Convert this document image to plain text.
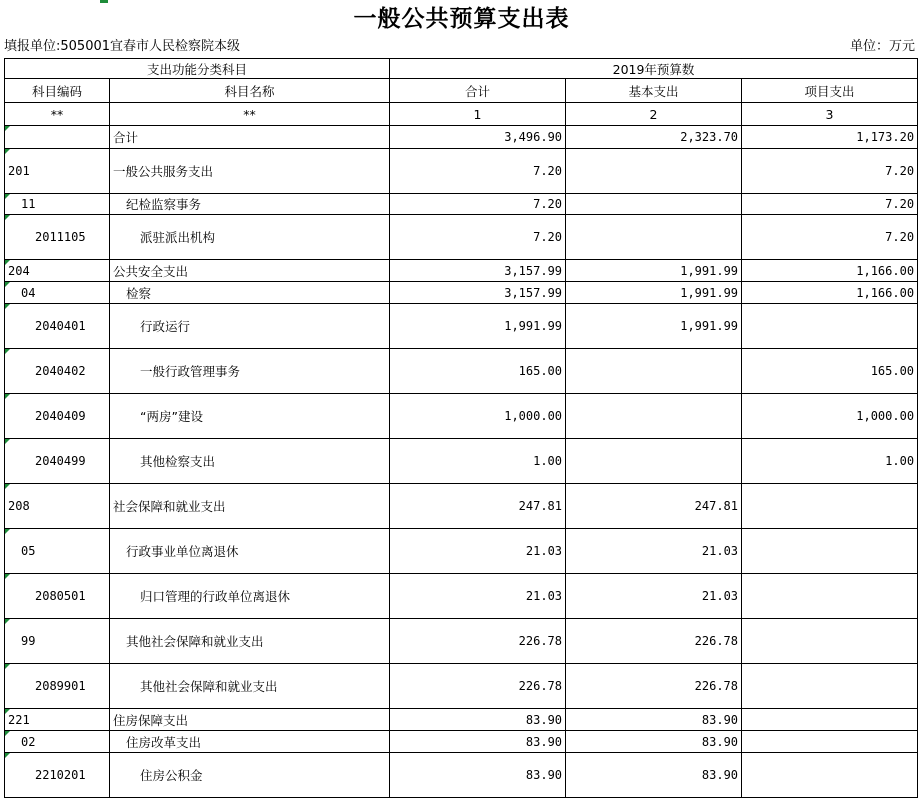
一般公共预算支出表
填报单位:505001宜春市人民检察院本级	单位：万元
支出功能分类科目		2019年预算数		
科目编码	科目名称	合计	基本支出	项目支出
**	**	1	2	3
	合计	3,496.90	2,323.70	1,173.20
201	一般公共服务支出	7.20		7.20
11	纪检监察事务	7.20		7.20
2011105	派驻派出机构	7.20		7.20
204	公共安全支出	3,157.99	1,991.99	1,166.00
04	检察	3,157.99	1,991.99	1,166.00
2040401	行政运行	1,991.99	1,991.99	
2040402	一般行政管理事务	165.00		165.00
2040409	“两房”建设	1,000.00		1,000.00
2040499	其他检察支出	1.00		1.00
208	社会保障和就业支出	247.81	247.81	
05	行政事业单位离退休	21.03	21.03	
2080501	归口管理的行政单位离退休	21.03	21.03	
99	其他社会保障和就业支出	226.78	226.78	
2089901	其他社会保障和就业支出	226.78	226.78	
221	住房保障支出	83.90	83.90	
02	住房改革支出	83.90	83.90	
2210201	住房公积金	83.90	83.90	
